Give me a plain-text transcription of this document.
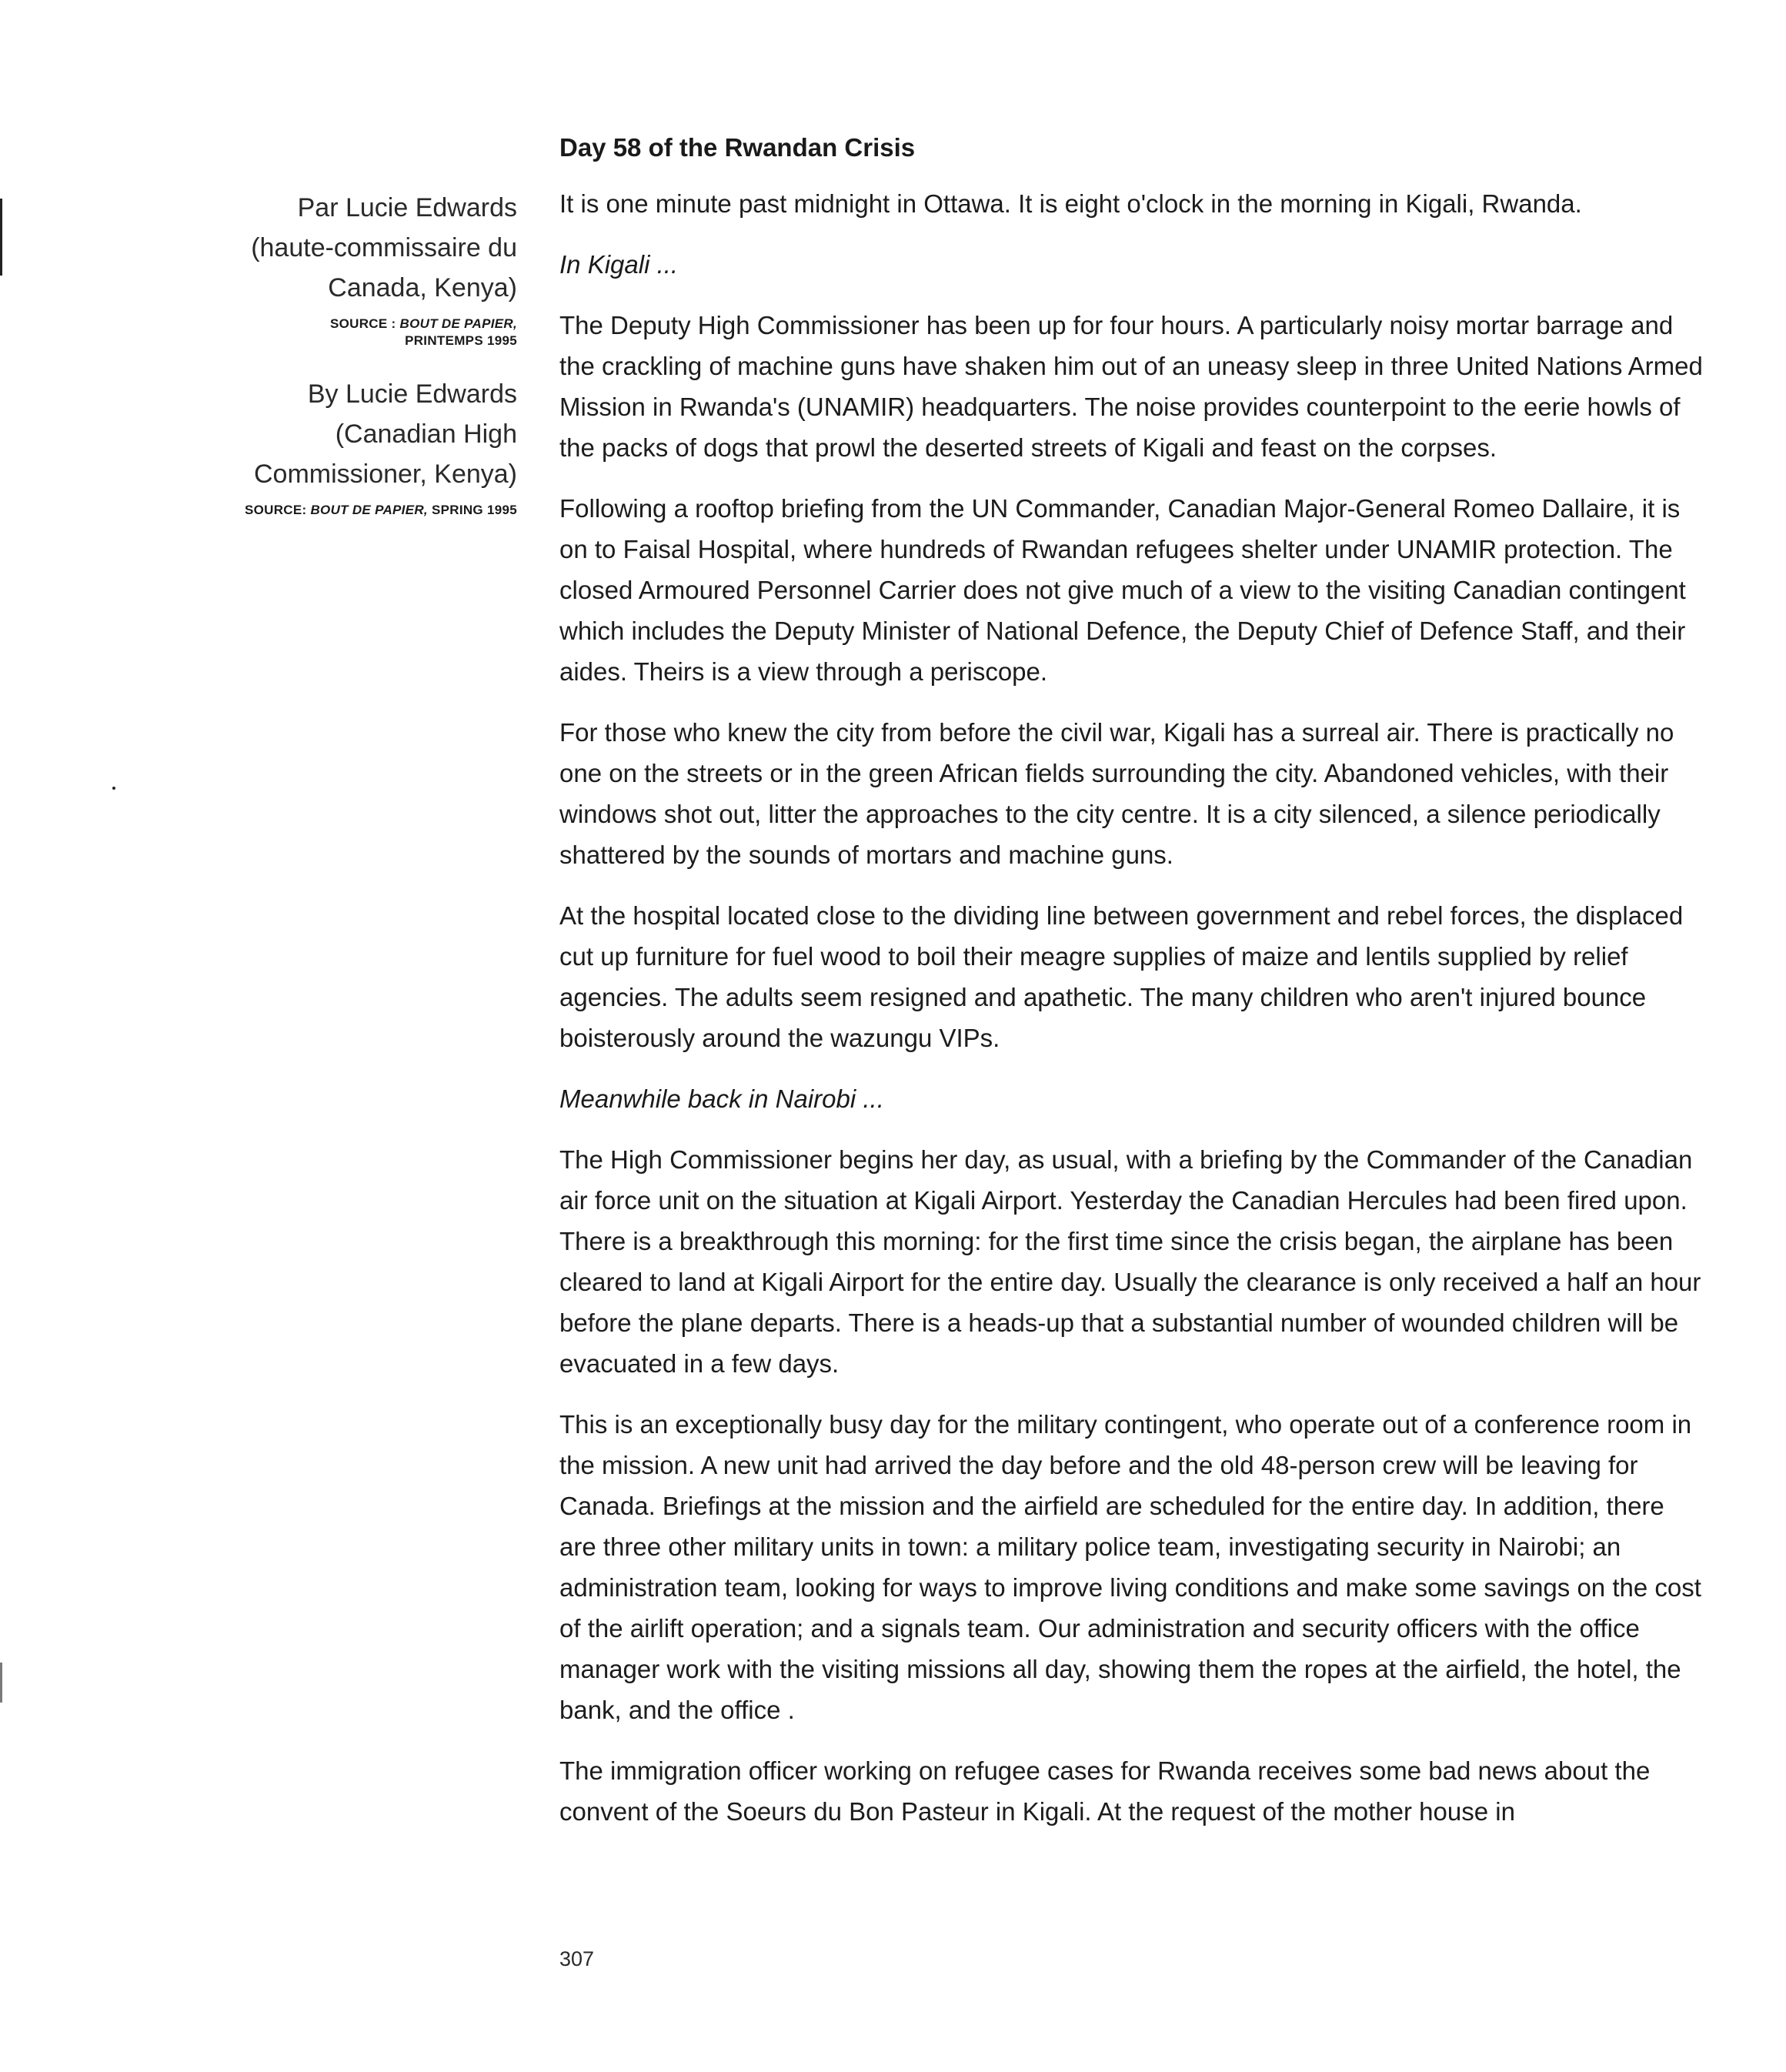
Par Lucie Edwards
(haute-commissaire du
Canada, Kenya)
SOURCE : BOUT DE PAPIER,
PRINTEMPS 1995
By Lucie Edwards
(Canadian High
Commissioner, Kenya)
SOURCE: BOUT DE PAPIER, SPRING 1995
Day 58 of the Rwandan Crisis

It is one minute past midnight in Ottawa. It is eight o'clock in the morning in Kigali, Rwanda.

In Kigali ...

The Deputy High Commissioner has been up for four hours. A particularly noisy mortar barrage and the crackling of machine guns have shaken him out of an uneasy sleep in three United Nations Armed Mission in Rwanda's (UNAMIR) headquarters. The noise provides counterpoint to the eerie howls of the packs of dogs that prowl the deserted streets of Kigali and feast on the corpses.

Following a rooftop briefing from the UN Commander, Canadian Major-General Romeo Dallaire, it is on to Faisal Hospital, where hundreds of Rwandan refugees shelter under UNAMIR protection. The closed Armoured Personnel Carrier does not give much of a view to the visiting Canadian contingent which includes the Deputy Minister of National Defence, the Deputy Chief of Defence Staff, and their aides. Theirs is a view through a periscope.

For those who knew the city from before the civil war, Kigali has a surreal air. There is practically no one on the streets or in the green African fields surrounding the city. Abandoned vehicles, with their windows shot out, litter the approaches to the city centre. It is a city silenced, a silence periodically shattered by the sounds of mortars and machine guns.

At the hospital located close to the dividing line between government and rebel forces, the displaced cut up furniture for fuel wood to boil their meagre supplies of maize and lentils supplied by relief agencies. The adults seem resigned and apathetic. The many children who aren't injured bounce boisterously around the wazungu VIPs.

Meanwhile back in Nairobi ...

The High Commissioner begins her day, as usual, with a briefing by the Commander of the Canadian air force unit on the situation at Kigali Airport. Yesterday the Canadian Hercules had been fired upon. There is a breakthrough this morning: for the first time since the crisis began, the airplane has been cleared to land at Kigali Airport for the entire day. Usually the clearance is only received a half an hour before the plane departs. There is a heads-up that a substantial number of wounded children will be evacuated in a few days.

This is an exceptionally busy day for the military contingent, who operate out of a conference room in the mission. A new unit had arrived the day before and the old 48-person crew will be leaving for Canada. Briefings at the mission and the airfield are scheduled for the entire day. In addition, there are three other military units in town: a military police team, investigating security in Nairobi; an administration team, looking for ways to improve living conditions and make some savings on the cost of the airlift operation; and a signals team. Our administration and security officers with the office manager work with the visiting missions all day, showing them the ropes at the airfield, the hotel, the bank, and the office .

The immigration officer working on refugee cases for Rwanda receives some bad news about the convent of the Soeurs du Bon Pasteur in Kigali. At the request of the mother house in

307
